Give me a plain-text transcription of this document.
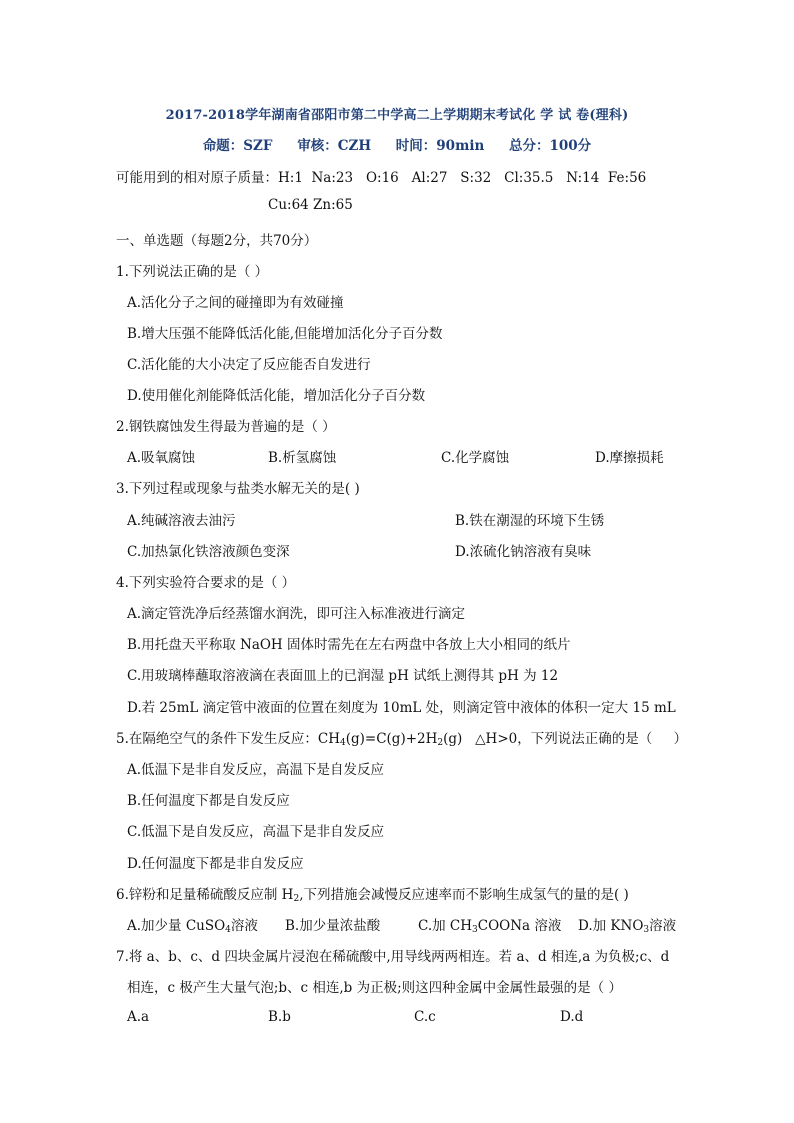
2017-2018学年湖南省邵阳市第二中学高二上学期期末考试化 学 试 卷(理科)
命题：SZF 审核：CZH 时间：90min 总分：100分
可能用到的相对原子质量：H:1  Na:23   O:16   Al:27   S:32   Cl:35.5   N:14  Fe:56
Cu:64 Zn:65
一、单选题（每题2分，共70分）
1.下列说法正确的是（ ）
A.活化分子之间的碰撞即为有效碰撞
B.增大压强不能降低活化能,但能增加活化分子百分数
C.活化能的大小决定了反应能否自发进行
D.使用催化剂能降低活化能，增加活化分子百分数
2.钢铁腐蚀发生得最为普遍的是（ ）
A.吸氧腐蚀	B.析氢腐蚀	C.化学腐蚀	D.摩擦损耗
3.下列过程或现象与盐类水解无关的是( )
A.纯碱溶液去油污	B.铁在潮湿的环境下生锈
C.加热氯化铁溶液颜色变深	D.浓硫化钠溶液有臭味
4.下列实验符合要求的是（ ）
A.滴定管洗净后经蒸馏水润洗，即可注入标准液进行滴定
B.用托盘天平称取 NaOH 固体时需先在左右两盘中各放上大小相同的纸片
C.用玻璃棒蘸取溶液滴在表面皿上的已润湿 pH 试纸上测得其 pH 为 12
D.若 25mL 滴定管中液面的位置在刻度为 10mL 处，则滴定管中液体的体积一定大 15 mL
5.在隔绝空气的条件下发生反应：$CH_4(g)=C(g)+2H_2(g)$   △H>0，下列说法正确的是（     ）
A.低温下是非自发反应，高温下是自发反应
B.任何温度下都是自发反应
C.低温下是自发反应，高温下是非自发反应
D.任何温度下都是非自发反应
6.锌粉和足量稀硫酸反应制 $H_2$,下列措施会减慢反应速率而不影响生成氢气的量的是( )
A.加少量 CuSO$_4$溶液 B.加少量浓盐酸	C.加 $CH_3COONa$ 溶液 D.加 $KNO_3$溶液
7.将 a、b、c、d 四块金属片浸泡在稀硫酸中,用导线两两相连。若 a、d 相连,a 为负极;c、d
相连，c 极产生大量气泡;b、c 相连,b 为正极;则这四种金属中金属性最强的是（ ）
A.a	B.b	C.c	D.d
